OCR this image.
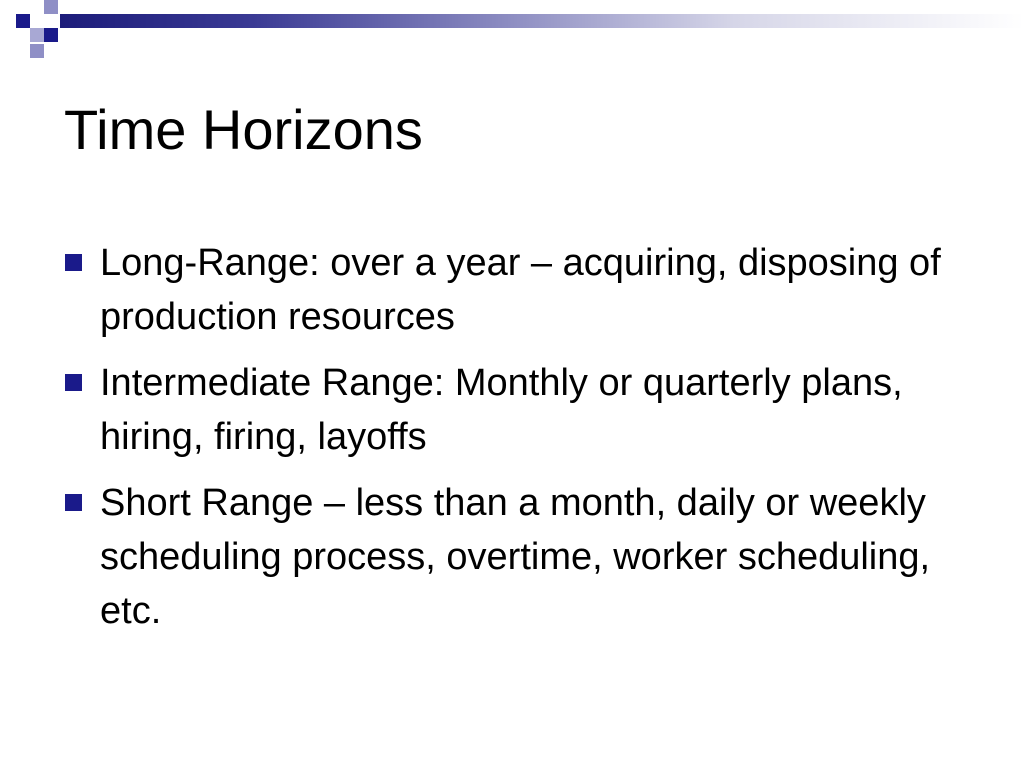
Time Horizons
Long-Range: over a year – acquiring, disposing of production resources
Intermediate Range: Monthly or quarterly plans, hiring, firing, layoffs
Short Range – less than a month, daily or weekly scheduling process, overtime, worker scheduling, etc.
